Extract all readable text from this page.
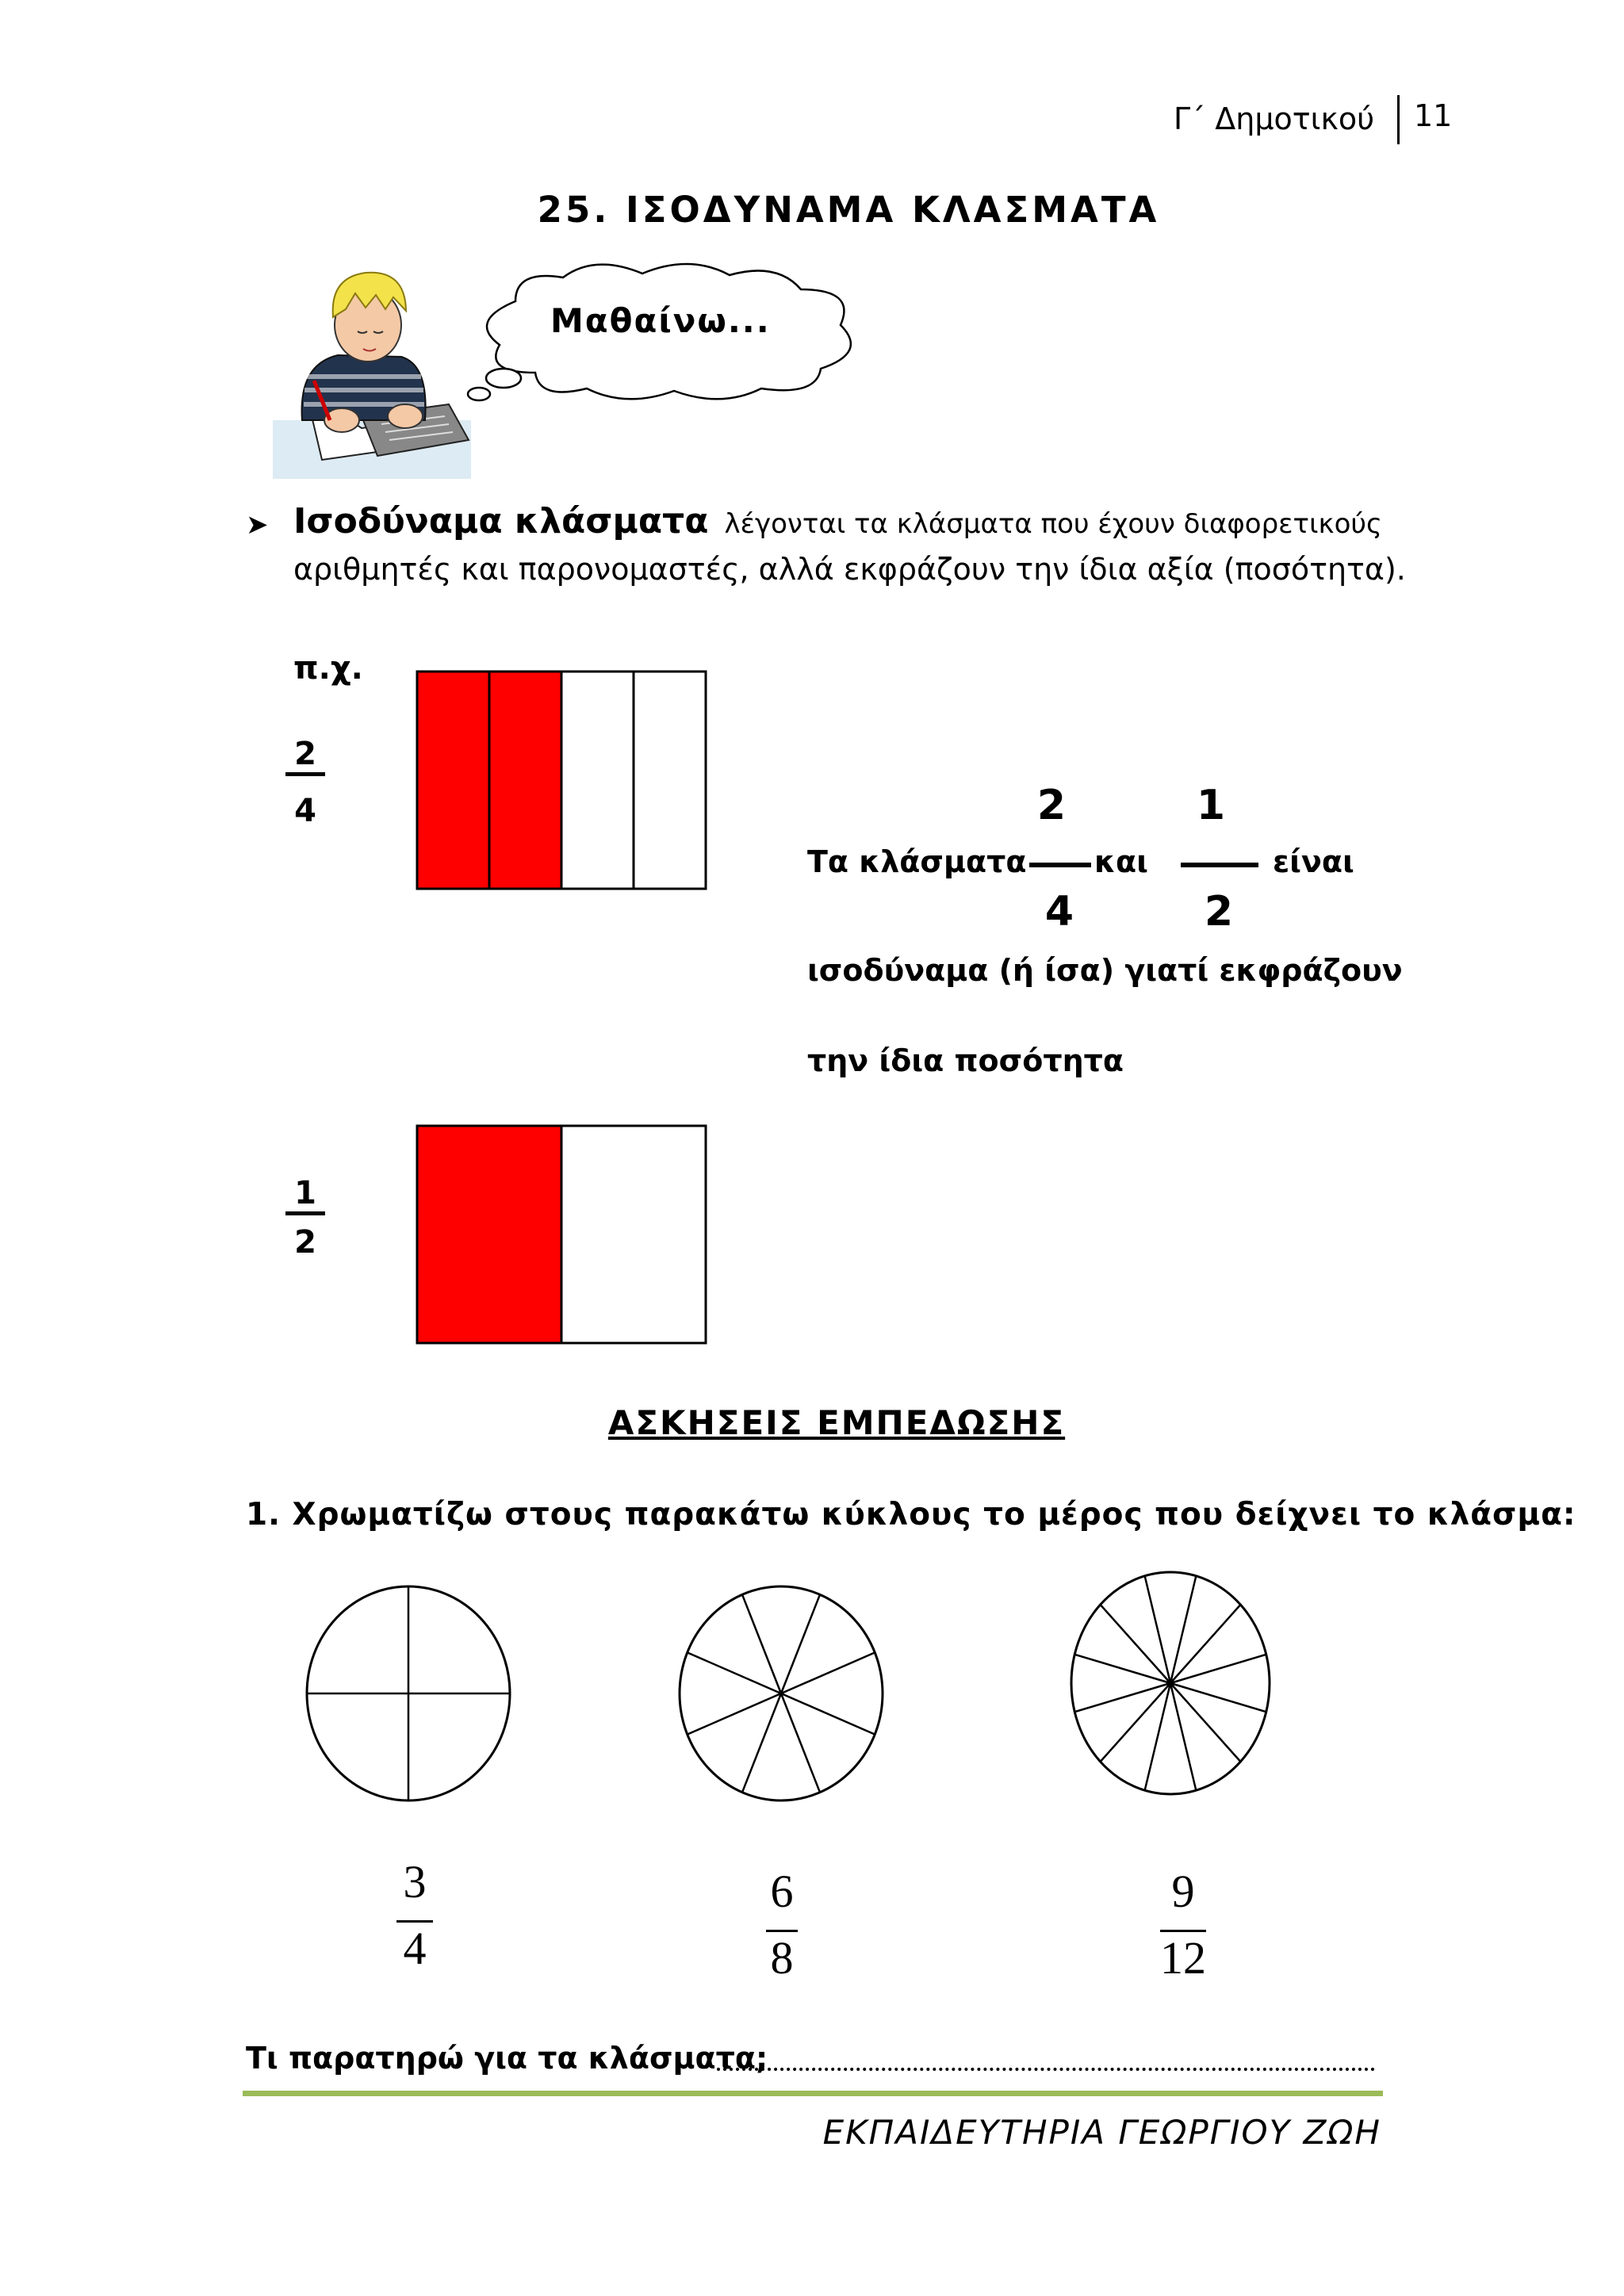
Γ΄ Δημοτικού 11
25. ΙΣΟΔΥΝΑΜΑ ΚΛΑΣΜΑΤΑ
Μαθαίνω...
➤ Ισοδύναμα κλάσματα λέγονται τα κλάσματα που έχουν διαφορετικούς
αριθμητές και παρονομαστές, αλλά εκφράζουν την ίδια αξία (ποσότητα).
π.χ.
2
4
1
2
2	1
Τα κλάσματα και	είναι
4	2
ισοδύναμα (ή ίσα) γιατί εκφράζουν
την ίδια ποσότητα
ΑΣΚΗΣΕΙΣ ΕΜΠΕΔΩΣΗΣ
1. Χρωματίζω στους παρακάτω κύκλους το μέρος που δείχνει το κλάσμα:
3
4
6
8
9
12
Τι παρατηρώ για τα κλάσματα;
ΕΚΠΑΙΔΕΥΤΗΡΙΑ ΓΕΩΡΓΙΟΥ ΖΩΗ
